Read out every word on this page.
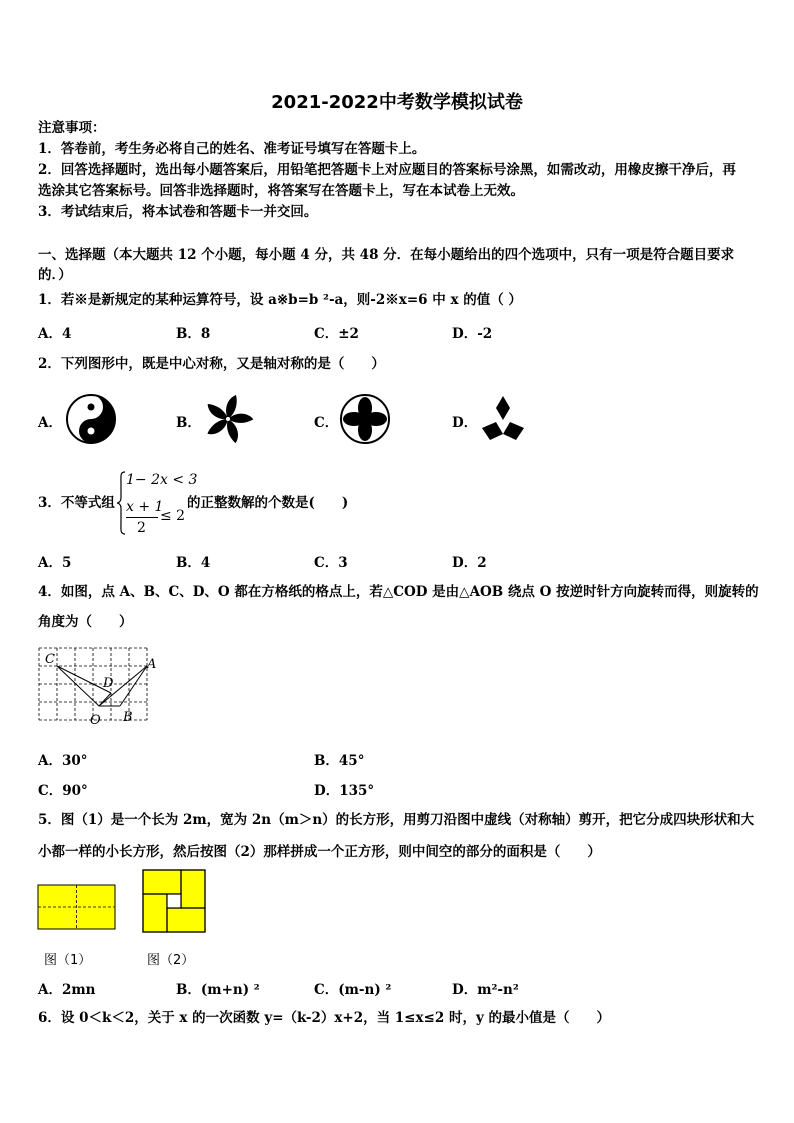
2021-2022中考数学模拟试卷
注意事项：
1．答卷前，考生务必将自己的姓名、准考证号填写在答题卡上。
2．回答选择题时，选出每小题答案后，用铅笔把答题卡上对应题目的答案标号涂黑，如需改动，用橡皮擦干净后，再
选涂其它答案标号。回答非选择题时，将答案写在答题卡上，写在本试卷上无效。
3．考试结束后，将本试卷和答题卡一并交回。
一、选择题（本大题共 12 个小题，每小题 4 分，共 48 分．在每小题给出的四个选项中，只有一项是符合题目要求
的．）
1．若※是新规定的某种运算符号，设 a※b=b ²-a，则-2※x=6 中 x 的值（ ）
A．4	B．8	C．±2	D．-2
2．下列图形中，既是中心对称，又是轴对称的是（　　）
A．	B．	C．	D．
3．不等式组
1− 2x < 3
x + 1
2
≤ 2
的正整数解的个数是(　　)
A．5	B．4	C．3	D．2
4．如图，点 A、B、C、D、O 都在方格纸的格点上，若△COD 是由△AOB 绕点 O 按逆时针方向旋转而得，则旋转的
角度为（　　）
C	A
D
O B
A．30°	B．45°
C．90°	D．135°
5．图（1）是一个长为 2m，宽为 2n（m＞n）的长方形，用剪刀沿图中虚线（对称轴）剪开，把它分成四块形状和大
小都一样的小长方形，然后按图（2）那样拼成一个正方形，则中间空的部分的面积是（　　）
图（1）	图（2）
A．2mn	B．(m+n) ²	C．(m-n) ²	D．m²-n²
6．设 0＜k＜2，关于 x 的一次函数 y=（k-2）x+2，当 1≤x≤2 时，y 的最小值是（　　）
